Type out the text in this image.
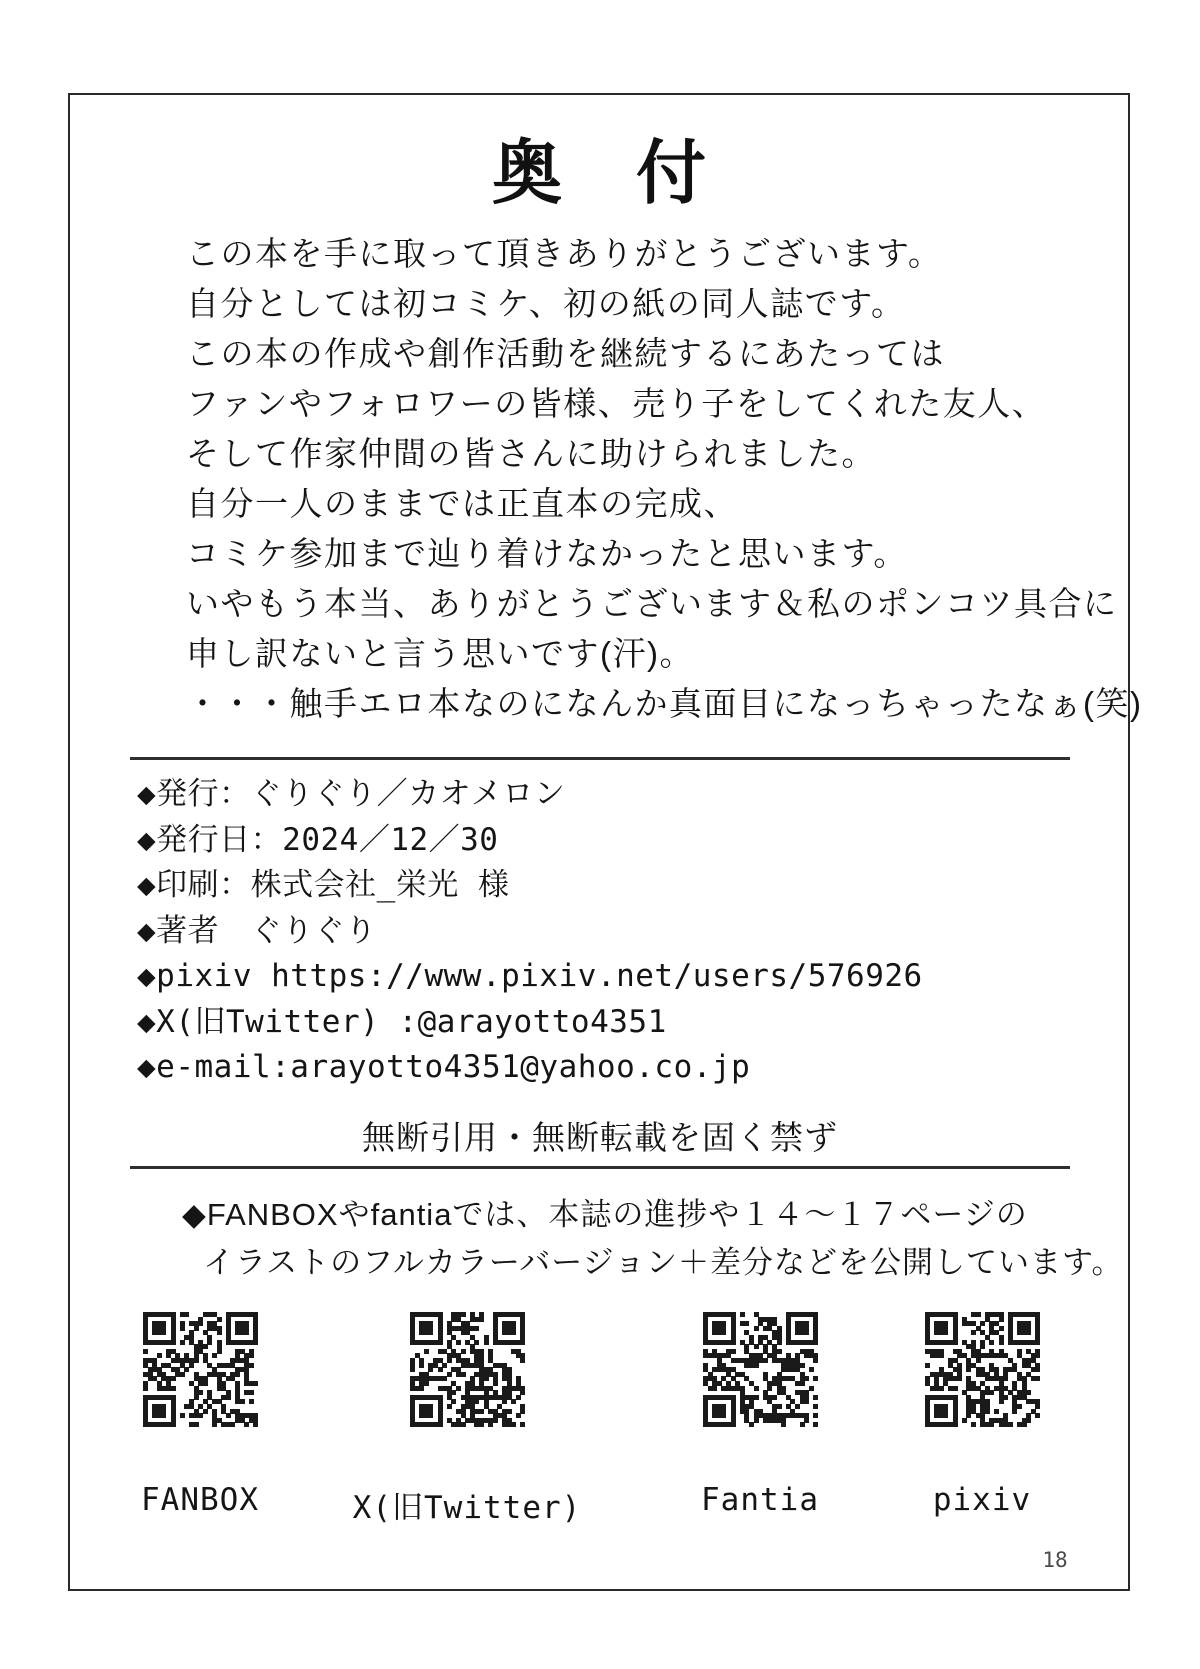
奥　付
この本を手に取って頂きありがとうございます。
自分としては初コミケ、初の紙の同人誌です。
この本の作成や創作活動を継続するにあたっては
ファンやフォロワーの皆様、売り子をしてくれた友人、
そして作家仲間の皆さんに助けられました。
自分一人のままでは正直本の完成、
コミケ参加まで辿り着けなかったと思います。
いやもう本当、ありがとうございます＆私のポンコツ具合に
申し訳ないと言う思いです(汗)。
・・・触手エロ本なのになんか真面目になっちゃったなぁ(笑)
◆発行：ぐりぐり／カオメロン
◆発行日：2024／12／30
◆印刷：株式会社_栄光 様
◆著者　ぐりぐり
◆pixiv https://www.pixiv.net/users/576926
◆X(旧Twitter) :@arayotto4351
◆e-mail:arayotto4351@yahoo.co.jp
無断引用・無断転載を固く禁ず
◆FANBOXやfantiaでは、本誌の進捗や１４～１７ページの
イラストのフルカラーバージョン＋差分などを公開しています。
FANBOX	X(旧Twitter)	Fantia	pixiv
18
